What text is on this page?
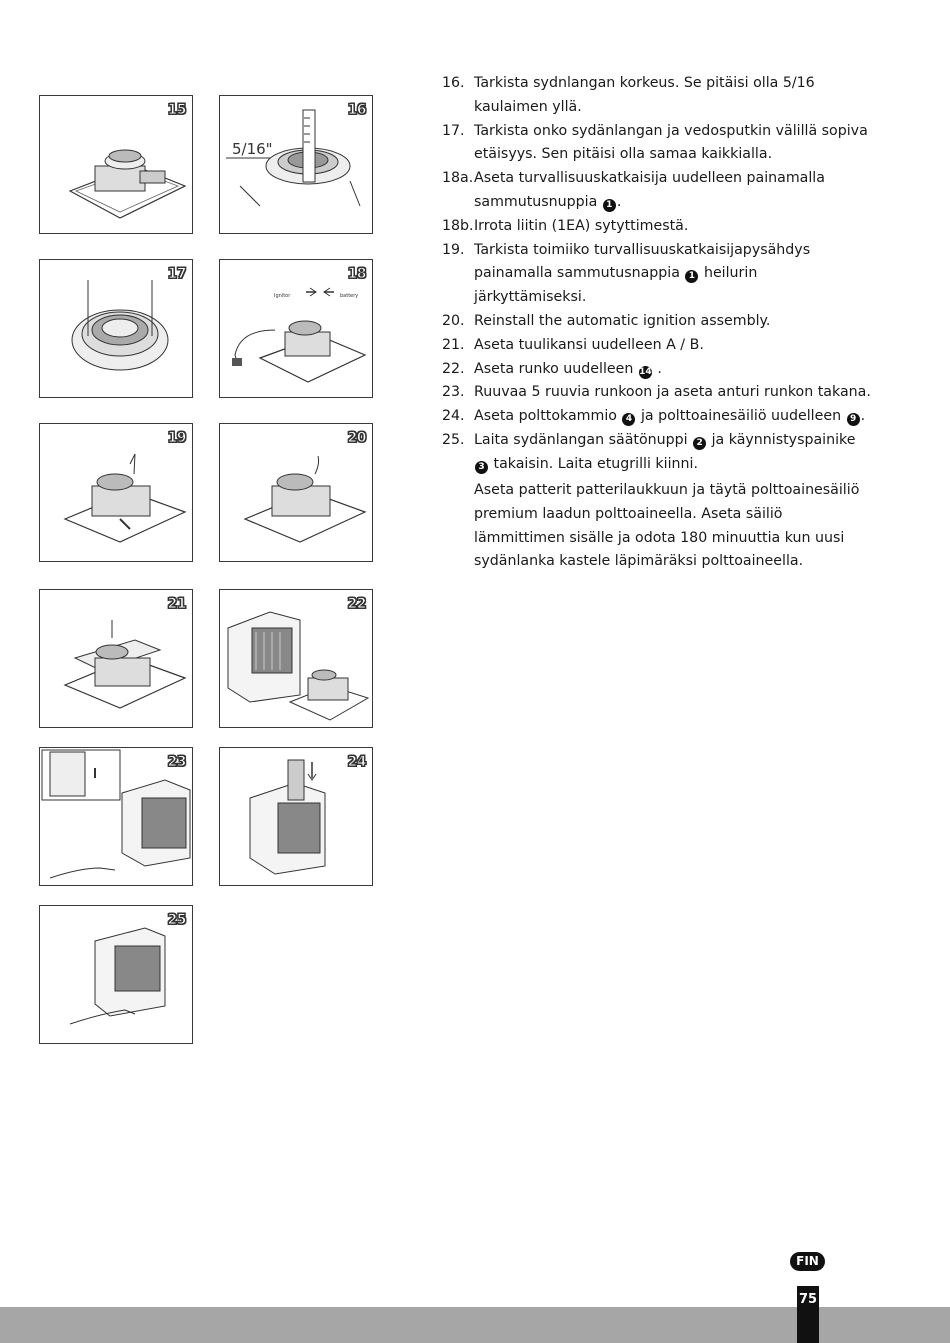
15	16
5/16"
17	18
Ignitor	battery
19	20
21	22
23	24
25
16. Tarkista sydnlangan korkeus. Se pitäisi olla 5/16 kaulaimen yllä.
17. Tarkista onko sydänlangan ja vedosputkin välillä sopiva etäisyys. Sen pitäisi olla samaa kaikkialla.
18a. Aseta turvallisuuskatkaisija uudelleen painamalla sammutusnuppia 1 .
18b. Irrota liitin (1EA) sytyttimestä.
19. Tarkista toimiiko turvallisuuskatkaisijapysähdys painamalla sammutusnappia 1 heilurin järkyttämiseksi.
20. Reinstall the automatic ignition assembly.
21. Aseta tuulikansi uudelleen A / B.
22. Aseta runko uudelleen 14 .
23. Ruuvaa 5 ruuvia runkoon ja aseta anturi runkon takana.
24. Aseta polttokammio 4 ja polttoainesäiliö uudelleen 9 .
25. Laita sydänlangan säätönuppi 2 ja käynnistyspainike 3 takaisin. Laita etugrilli kiinni.
Aseta patterit patterilaukkuun ja täytä polttoainesäiliö premium laadun polttoaineella. Aseta säiliö lämmittimen sisälle ja odota 180 minuuttia kun uusi sydänlanka kastele läpimäräksi polttoaineella.
FIN
75
